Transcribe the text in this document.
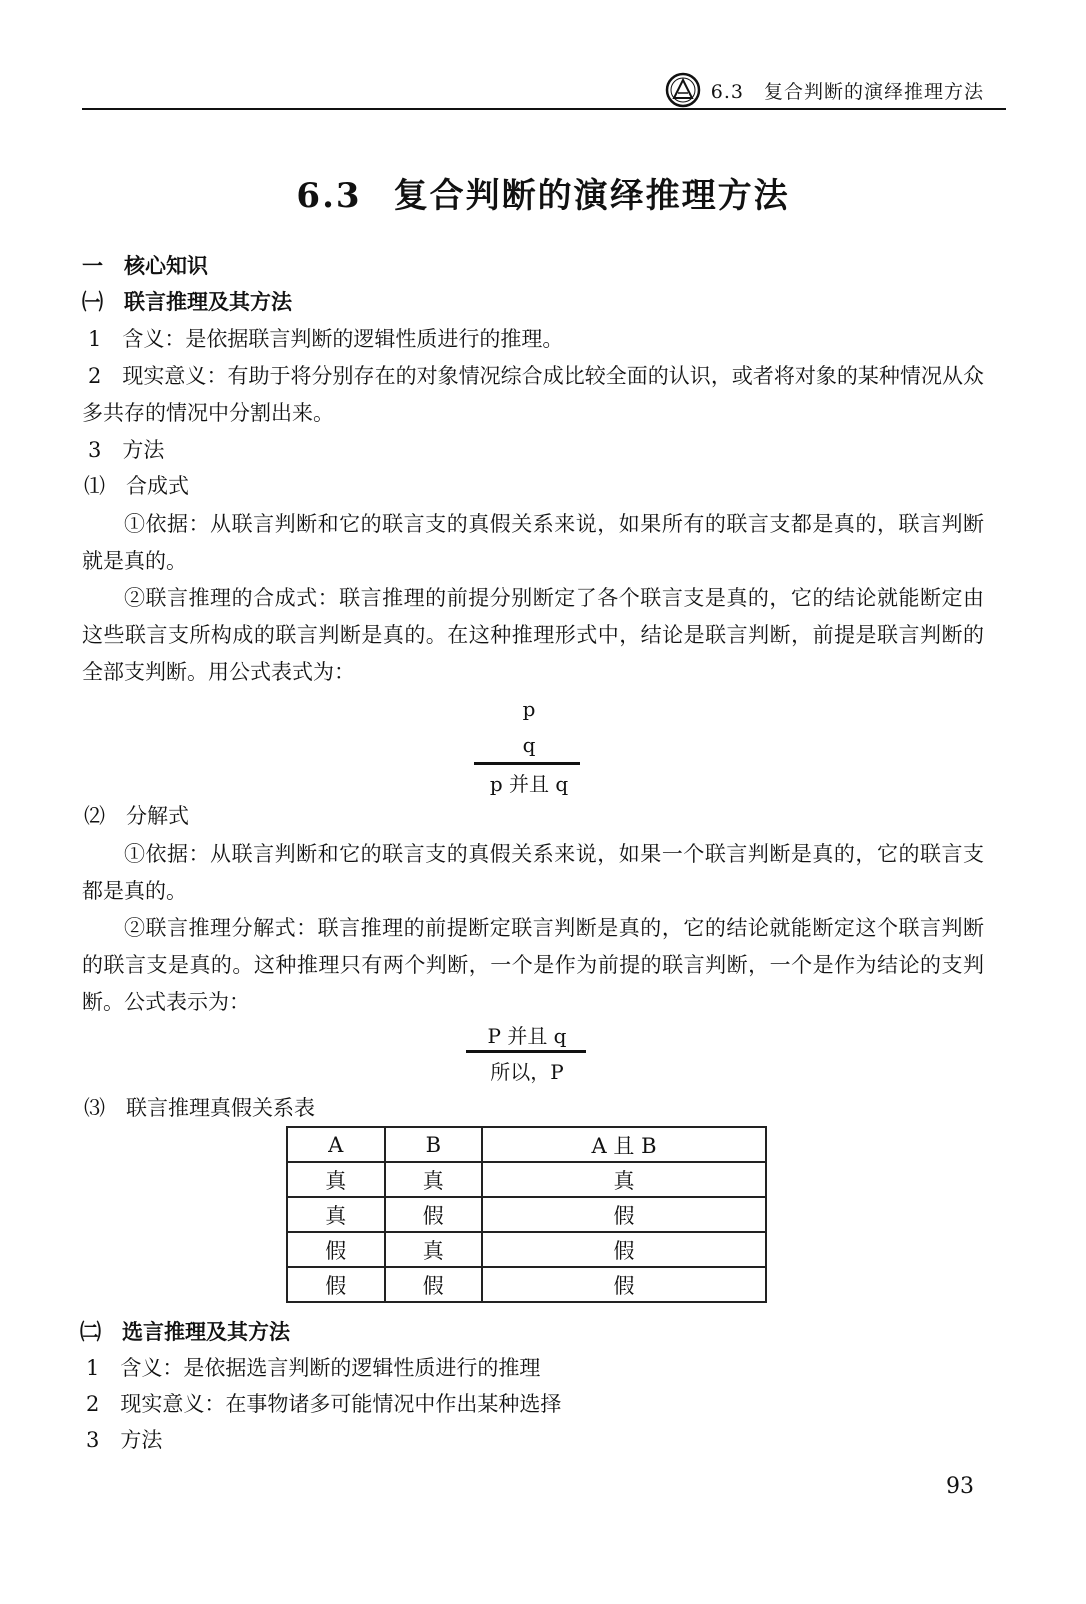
6.3　复合判断的演绎推理方法
6.3 复合判断的演绎推理方法
一　核心知识
㈠　联言推理及其方法
1　含义：是依据联言判断的逻辑性质进行的推理。
2　现实意义：有助于将分别存在的对象情况综合成比较全面的认识，或者将对象的某种情况从众多共存的情况中分割出来。
3　方法
⑴　合成式
①依据：从联言判断和它的联言支的真假关系来说，如果所有的联言支都是真的，联言判断就是真的。
②联言推理的合成式：联言推理的前提分别断定了各个联言支是真的，它的结论就能断定由这些联言支所构成的联言判断是真的。在这种推理形式中，结论是联言判断，前提是联言判断的全部支判断。用公式表式为：
p
q
p 并且 q
⑵　分解式
①依据：从联言判断和它的联言支的真假关系来说，如果一个联言判断是真的，它的联言支都是真的。
②联言推理分解式：联言推理的前提断定联言判断是真的，它的结论就能断定这个联言判断的联言支是真的。这种推理只有两个判断，一个是作为前提的联言判断，一个是作为结论的支判断。公式表示为：
P 并且 q
所以，P
⑶　联言推理真假关系表
A	B	A 且 B
真	真	真
真	假	假
假	真	假
假	假	假
㈡　选言推理及其方法
1　含义：是依据选言判断的逻辑性质进行的推理
2　现实意义：在事物诸多可能情况中作出某种选择
3　方法
93
